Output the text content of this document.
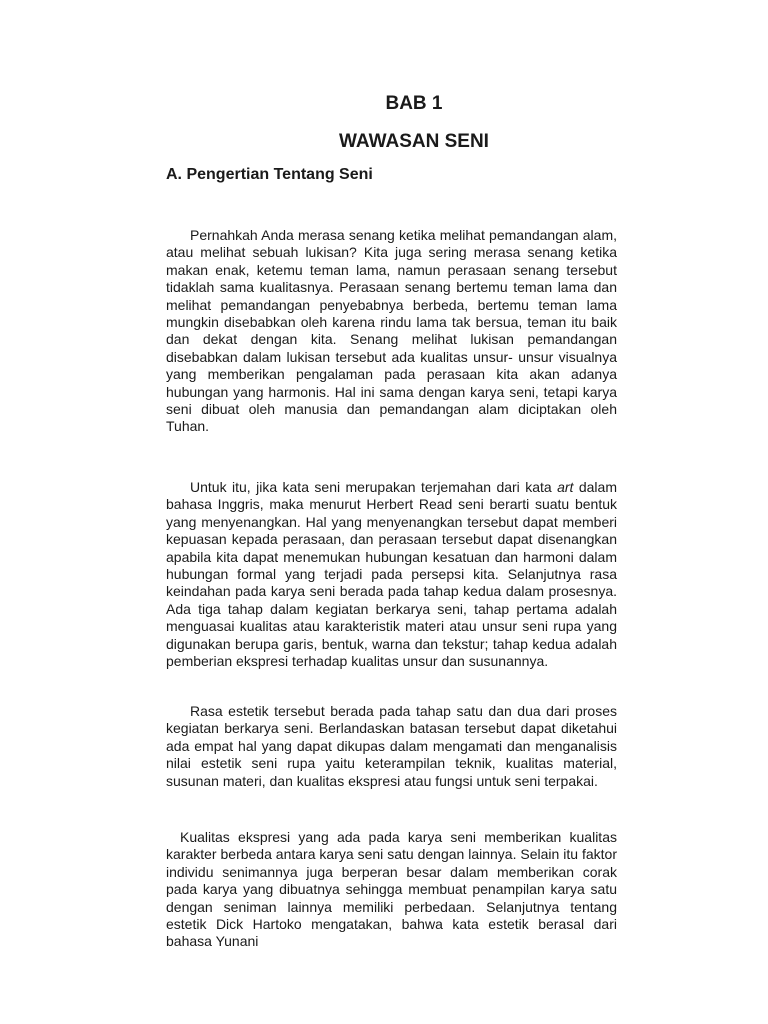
BAB 1
WAWASAN SENI
A. Pengertian Tentang Seni

Pernahkah Anda merasa senang ketika melihat pemandangan alam, atau melihat sebuah lukisan? Kita juga sering merasa senang ketika makan enak, ketemu teman lama, namun perasaan senang tersebut tidaklah sama kualitasnya. Perasaan senang bertemu teman lama dan melihat pemandangan penyebabnya berbeda, bertemu teman lama mungkin disebabkan oleh karena rindu lama tak bersua, teman itu baik dan dekat dengan kita. Senang melihat lukisan pemandangan disebabkan dalam lukisan tersebut ada kualitas unsur- unsur visualnya yang memberikan pengalaman pada perasaan kita akan adanya hubungan yang harmonis. Hal ini sama dengan karya seni, tetapi karya seni dibuat oleh manusia dan pemandangan alam diciptakan oleh Tuhan.

Untuk itu, jika kata seni merupakan terjemahan dari kata art dalam bahasa Inggris, maka menurut Herbert Read seni berarti suatu bentuk yang menyenangkan. Hal yang menyenangkan tersebut dapat memberi kepuasan kepada perasaan, dan perasaan tersebut dapat disenangkan apabila kita dapat menemukan hubungan kesatuan dan harmoni dalam hubungan formal yang terjadi pada persepsi kita. Selanjutnya rasa keindahan pada karya seni berada pada tahap kedua dalam prosesnya. Ada tiga tahap dalam kegiatan berkarya seni, tahap pertama adalah menguasai kualitas atau karakteristik materi atau unsur seni rupa yang digunakan berupa garis, bentuk, warna dan tekstur; tahap kedua adalah pemberian ekspresi terhadap kualitas unsur dan susunannya.

Rasa estetik tersebut berada pada tahap satu dan dua dari proses kegiatan berkarya seni. Berlandaskan batasan tersebut dapat diketahui ada empat hal yang dapat dikupas dalam mengamati dan menganalisis nilai estetik seni rupa yaitu keterampilan teknik, kualitas material, susunan materi, dan kualitas ekspresi atau fungsi untuk seni terpakai.

Kualitas ekspresi yang ada pada karya seni memberikan kualitas karakter berbeda antara karya seni satu dengan lainnya. Selain itu faktor individu senimannya juga berperan besar dalam memberikan corak pada karya yang dibuatnya sehingga membuat penampilan karya satu dengan seniman lainnya memiliki perbedaan. Selanjutnya tentang estetik Dick Hartoko mengatakan, bahwa kata estetik berasal dari bahasa Yunani
